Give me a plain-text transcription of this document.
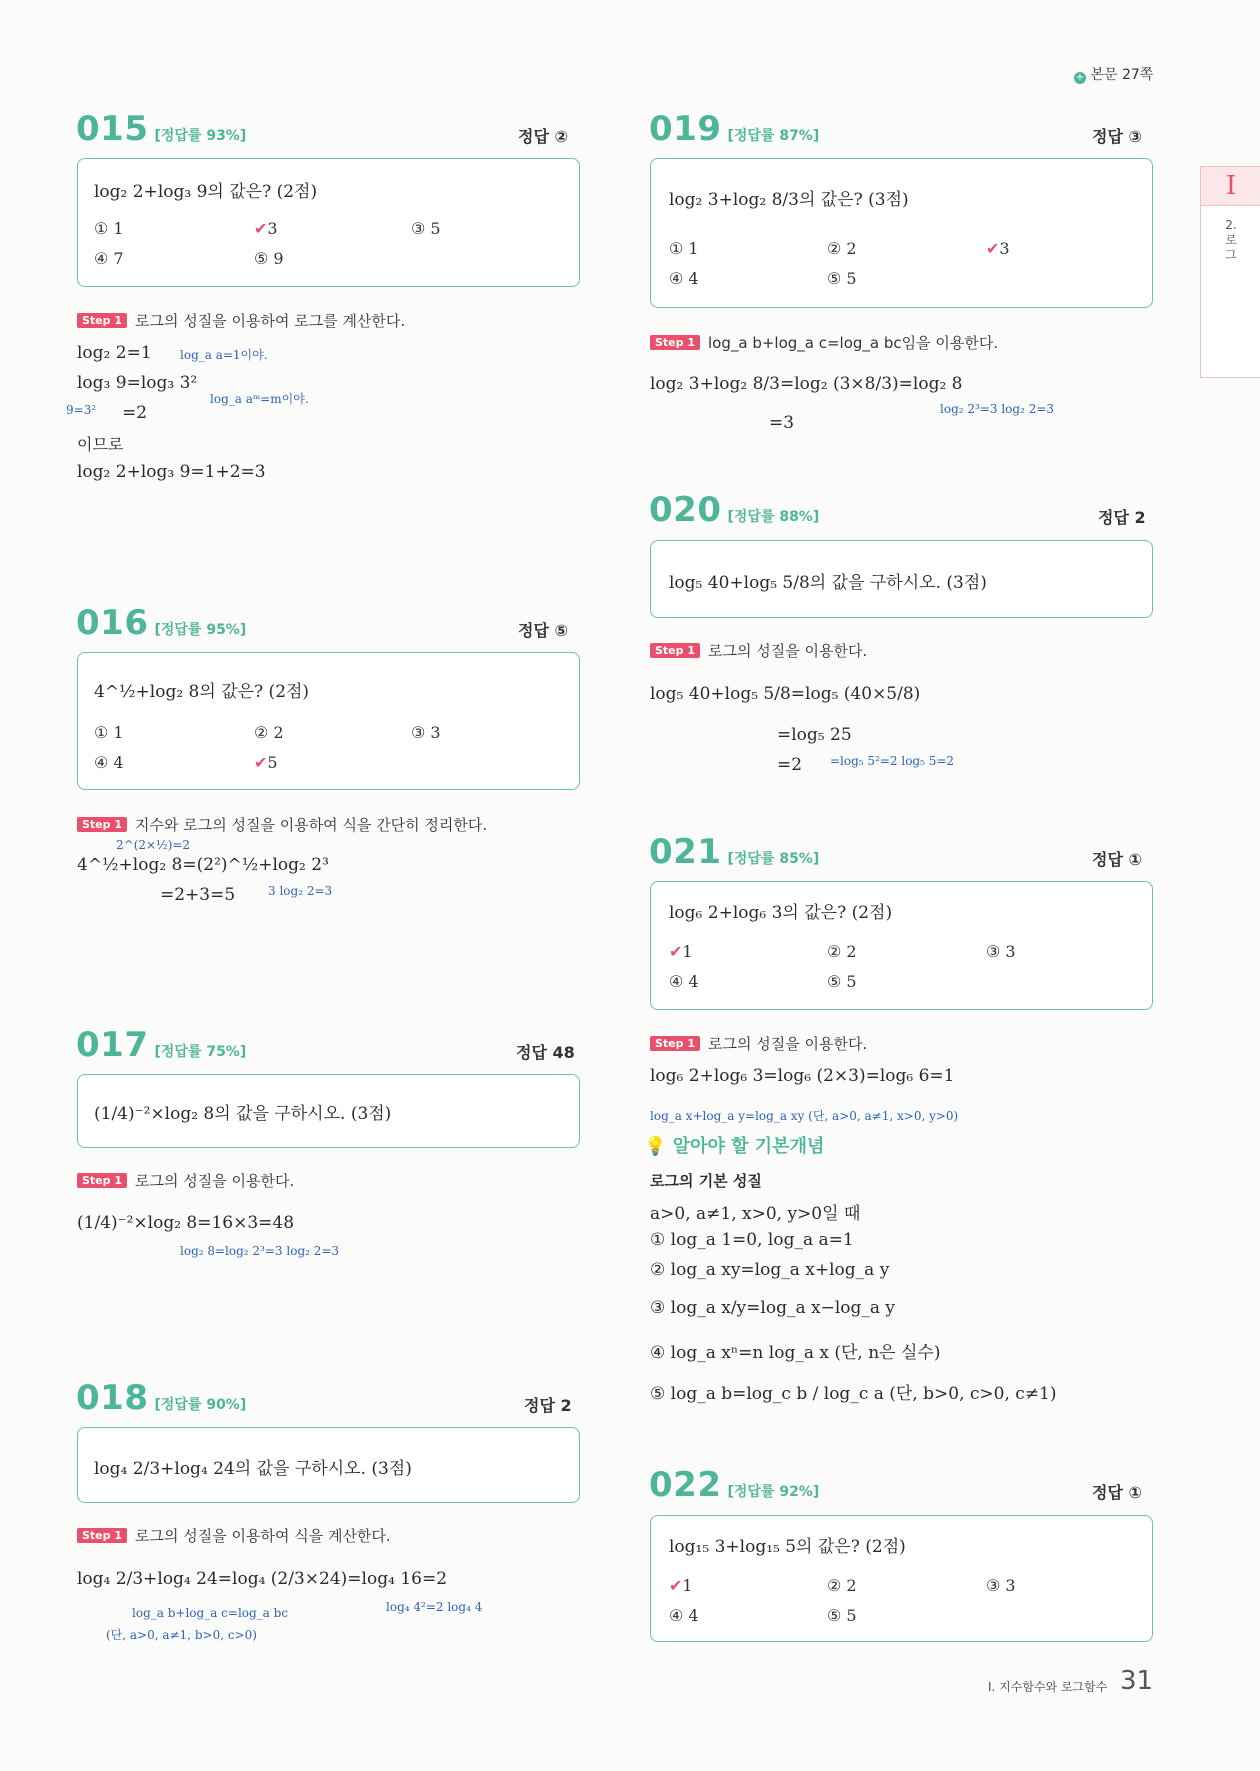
+ 본문 27쪽
I
2.
로
그
015 [정답률 93%]	정답 ②
log₂ 2+log₃ 9의 값은? (2점)
① 1	✔3	③ 5
④ 7	⑤ 9
Step 1 로그의 성질을 이용하여 로그를 계산한다.
log₂ 2=1 log_a a=1이야.
log₃ 9=log₃ 3²
log_a aᵐ=m이야.
9=3² =2
이므로
log₂ 2+log₃ 9=1+2=3
016 [정답률 95%]	정답 ⑤
4^½+log₂ 8의 값은? (2점)
① 1	② 2	③ 3
④ 4	✔5
Step 1 지수와 로그의 성질을 이용하여 식을 간단히 정리한다.
2^(2×½)=2
4^½+log₂ 8=(2²)^½+log₂ 2³
=2+3=5	3 log₂ 2=3
017 [정답률 75%]	정답 48
(1/4)⁻²×log₂ 8의 값을 구하시오. (3점)
Step 1 로그의 성질을 이용한다.
(1/4)⁻²×log₂ 8=16×3=48
log₂ 8=log₂ 2³=3 log₂ 2=3
018 [정답률 90%]	정답 2
log₄ 2/3+log₄ 24의 값을 구하시오. (3점)
Step 1 로그의 성질을 이용하여 식을 계산한다.
log₄ 2/3+log₄ 24=log₄ (2/3×24)=log₄ 16=2
log_a b+log_a c=log_a bc
(단, a>0, a≠1, b>0, c>0)
log₄ 4²=2 log₄ 4
019 [정답률 87%]	정답 ③
log₂ 3+log₂ 8/3의 값은? (3점)
① 1	② 2	✔3
④ 4	⑤ 5
Step 1 log_a b+log_a c=log_a bc임을 이용한다.
log₂ 3+log₂ 8/3=log₂ (3×8/3)=log₂ 8
log₂ 2³=3 log₂ 2=3
=3
020 [정답률 88%]	정답 2
log₅ 40+log₅ 5/8의 값을 구하시오. (3점)
Step 1 로그의 성질을 이용한다.
log₅ 40+log₅ 5/8=log₅ (40×5/8)
=log₅ 25
=2 =log₅ 5²=2 log₅ 5=2
021 [정답률 85%]	정답 ①
log₆ 2+log₆ 3의 값은? (2점)
✔1	② 2	③ 3
④ 4	⑤ 5
Step 1 로그의 성질을 이용한다.
log₆ 2+log₆ 3=log₆ (2×3)=log₆ 6=1
log_a x+log_a y=log_a xy (단, a>0, a≠1, x>0, y>0)
💡 알아야 할 기본개념
로그의 기본 성질
a>0, a≠1, x>0, y>0일 때
① log_a 1=0, log_a a=1
② log_a xy=log_a x+log_a y
③ log_a x/y=log_a x−log_a y
④ log_a xⁿ=n log_a x (단, n은 실수)
⑤ log_a b=log_c b / log_c a (단, b>0, c>0, c≠1)
022 [정답률 92%]	정답 ①
log₁₅ 3+log₁₅ 5의 값은? (2점)
✔1	② 2	③ 3
④ 4	⑤ 5
I. 지수함수와 로그함수 31
